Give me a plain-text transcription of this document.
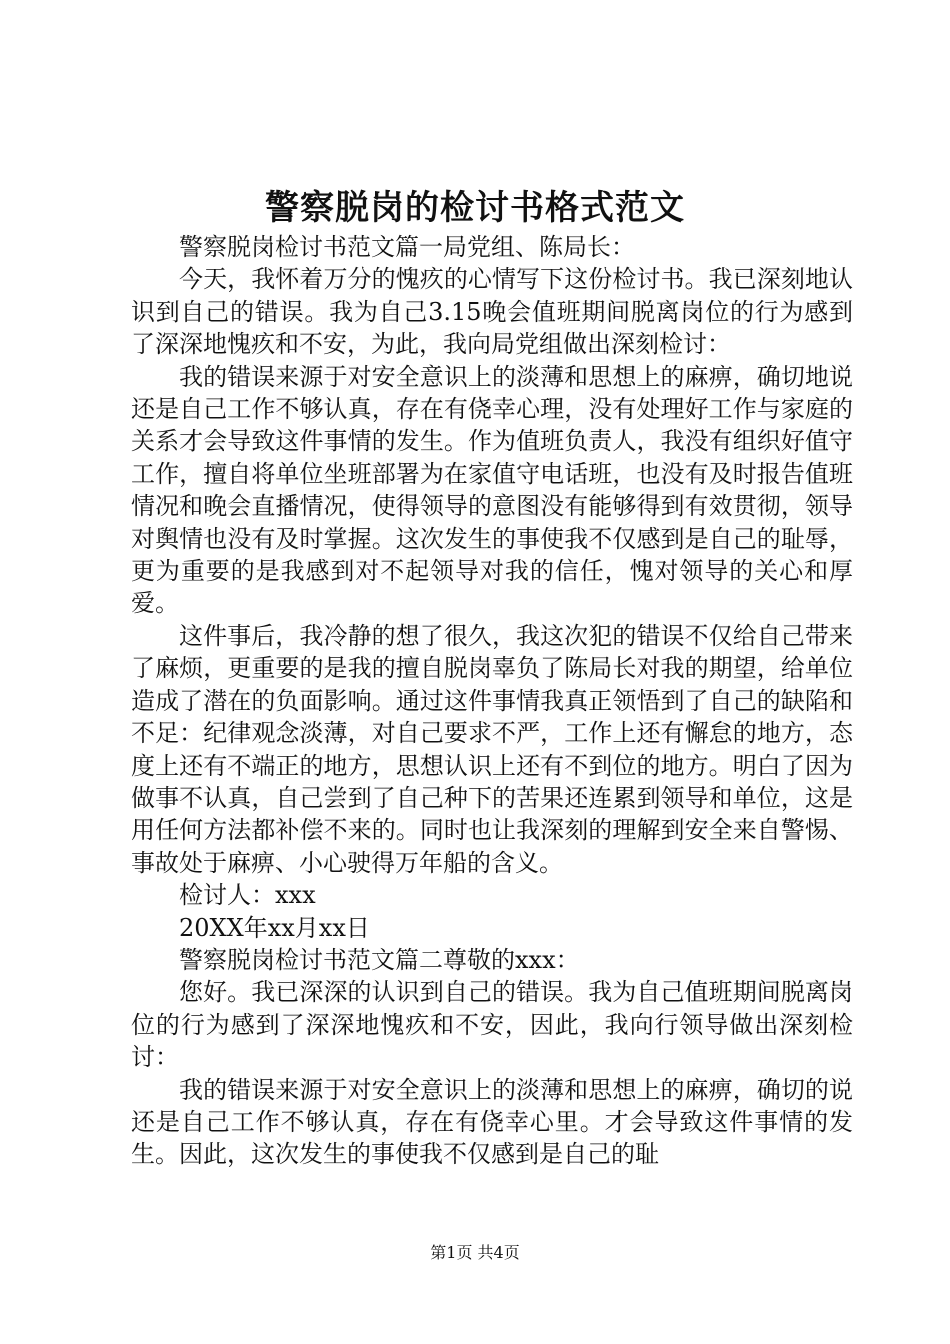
警察脱岗的检讨书格式范文

警察脱岗检讨书范文篇一局党组、陈局长：

今天，我怀着万分的愧疚的心情写下这份检讨书。我已深刻地认识到自己的错误。我为自己3.15晚会值班期间脱离岗位的行为感到了深深地愧疚和不安，为此，我向局党组做出深刻检讨：

我的错误来源于对安全意识上的淡薄和思想上的麻痹，确切地说还是自己工作不够认真，存在有侥幸心理，没有处理好工作与家庭的关系才会导致这件事情的发生。作为值班负责人，我没有组织好值守工作，擅自将单位坐班部署为在家值守电话班，也没有及时报告值班情况和晚会直播情况，使得领导的意图没有能够得到有效贯彻，领导对舆情也没有及时掌握。这次发生的事使我不仅感到是自己的耻辱，更为重要的是我感到对不起领导对我的信任，愧对领导的关心和厚爱。

这件事后，我冷静的想了很久，我这次犯的错误不仅给自己带来了麻烦，更重要的是我的擅自脱岗辜负了陈局长对我的期望，给单位造成了潜在的负面影响。通过这件事情我真正领悟到了自己的缺陷和不足：纪律观念淡薄，对自己要求不严，工作上还有懈怠的地方，态度上还有不端正的地方，思想认识上还有不到位的地方。明白了因为做事不认真，自己尝到了自己种下的苦果还连累到领导和单位，这是用任何方法都补偿不来的。同时也让我深刻的理解到安全来自警惕、事故处于麻痹、小心驶得万年船的含义。

检讨人：xxx

20XX年xx月xx日

警察脱岗检讨书范文篇二尊敬的xxx：

您好。我已深深的认识到自己的错误。我为自己值班期间脱离岗位的行为感到了深深地愧疚和不安，因此，我向行领导做出深刻检讨：

我的错误来源于对安全意识上的淡薄和思想上的麻痹，确切的说还是自己工作不够认真，存在有侥幸心里。才会导致这件事情的发生。因此，这次发生的事使我不仅感到是自己的耻

第1页 共4页
